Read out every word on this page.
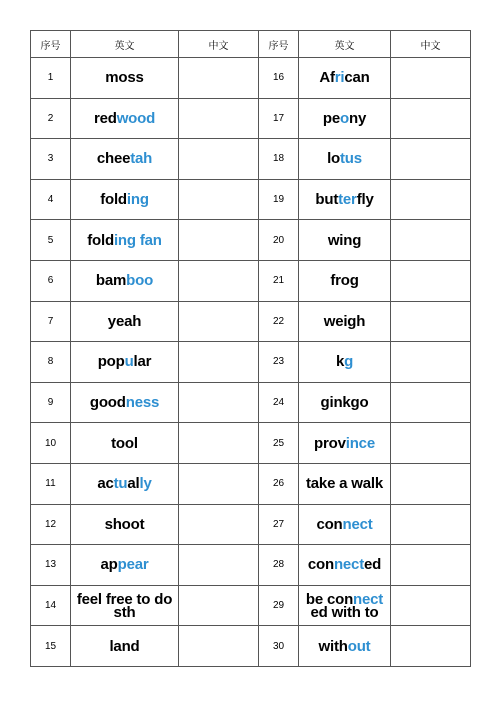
序号	英文	中文	序号	英文	中文
1	moss		16	African	
2	redwood		17	peony	
3	cheetah		18	lotus	
4	folding		19	butterfly	
5	folding fan		20	wing	
6	bamboo		21	frog	
7	yeah		22	weigh	
8	popular		23	kg	
9	goodness		24	ginkgo	
10	tool		25	province	
11	actually		26	take a walk	
12	shoot		27	connect	
13	appear		28	connected	
14	feel free to do sth		29	be connect ed with to	
15	land		30	without	
